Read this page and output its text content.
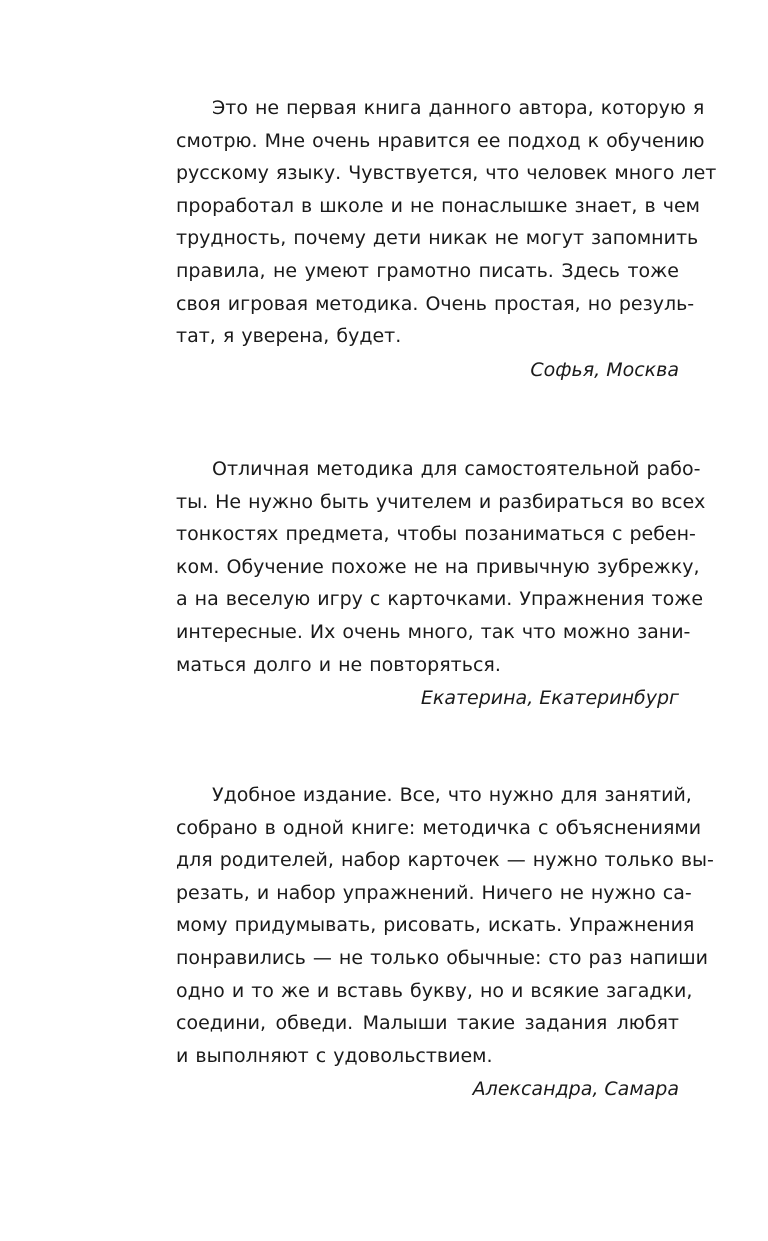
Это не первая книга данного автора, которую я
смотрю. Мне очень нравится ее подход к обучению
русскому языку. Чувствуется, что человек много лет
проработал в школе и не понаслышке знает, в чем
трудность, почему дети никак не могут запомнить
правила, не умеют грамотно писать. Здесь тоже
своя игровая методика. Очень простая, но резуль-
тат, я уверена, будет.

Софья, Москва

Отличная методика для самостоятельной рабо-
ты. Не нужно быть учителем и разбираться во всех
тонкостях предмета, чтобы позаниматься с ребен-
ком. Обучение похоже не на привычную зубрежку,
а на веселую игру с карточками. Упражнения тоже
интересные. Их очень много, так что можно зани-
маться долго и не повторяться.

Екатерина, Екатеринбург

Удобное издание. Все, что нужно для занятий,
собрано в одной книге: методичка с объяснениями
для родителей, набор карточек — нужно только вы-
резать, и набор упражнений. Ничего не нужно са-
мому придумывать, рисовать, искать. Упражнения
понравились — не только обычные: сто раз напиши
одно и то же и вставь букву, но и всякие загадки,
соедини, обведи. Малыши такие задания любят
и выполняют с удовольствием.

Александра, Самара
